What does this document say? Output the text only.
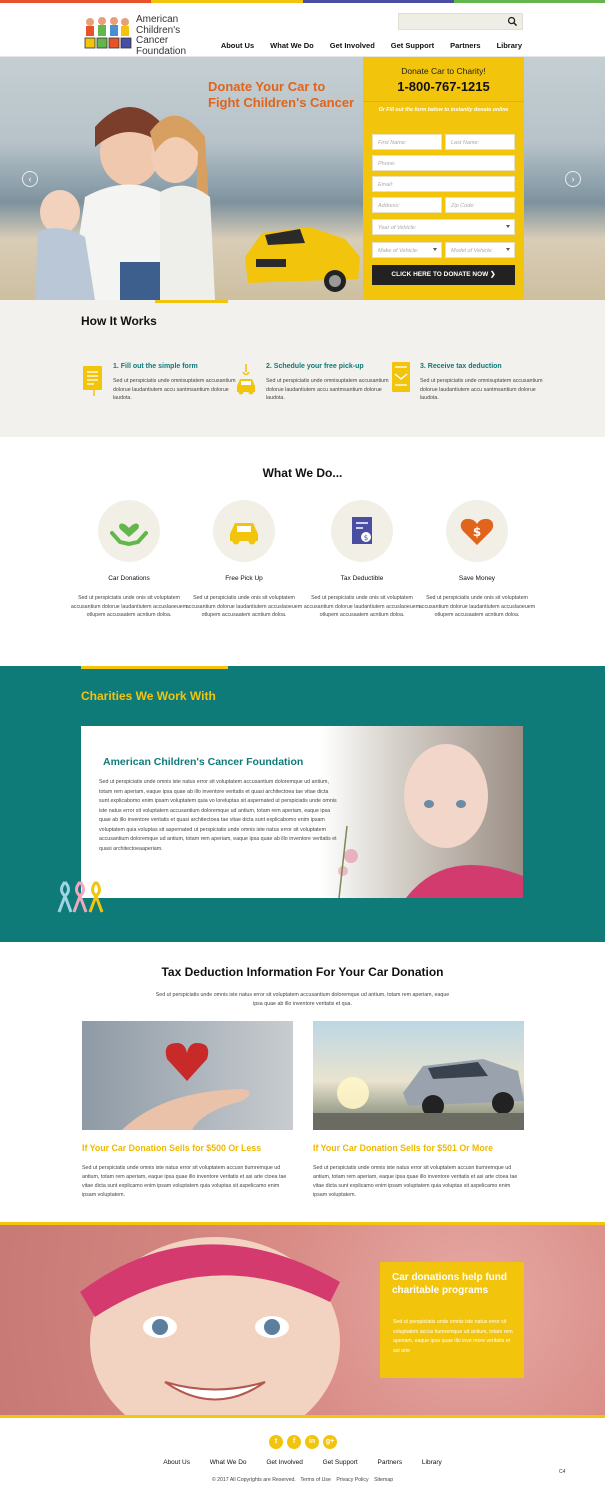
American
Children's
Cancer
Foundation	About Us What We Do Get Involved Get Support Partners Library
Donate Your Car to
Fight Children's Cancer
‹	›
Donate Car to Charity!
1-800-767-1215
Or Fill out the form below to instantly donate online
First Name:	Last Name:
Phone:
Email:
Address:	Zip Code:
Year of Vehicle:
Make of Vehicle:	Model of Vehicle:
CLICK HERE TO DONATE NOW ❯
How It Works
1. Fill out the simple form
Sed ut perspiciatis unde omnisuptatem accusantium dolorue laudantiutem accu santmsantium dolorue laudota.
2. Schedule your free pick-up
Sed ut perspiciatis unde omnisuptatem accusantium dolorue laudantiutem accu santmsantium dolorue laudota.
3. Receive tax deduction
Sed ut perspiciatis unde omnisuptatem accusantium dolorue laudantiutem accu santmsantium dolorue laudota.
What We Do...
Car Donations
Sed ut perspiciatis unde onis sit voluptatem accusantium dolorue laudantiutem accuslaoeuem otlupem accusaatem acntium doloa.
Free Pick Up
Sed ut perspiciatis unde onis sit voluptatem accusantium dolorue laudantiutem accuslaoeuem otlupem accusaatem acntium doloa.
$
Tax Deductible
Sed ut perspiciatis unde onis sit voluptatem accusantium dolorue laudantiutem accuslaoeuem otlupem accusaatem acntium doloa.
$
Save Money
Sed ut perspiciatis unde onis sit voluptatem accusantium dolorue laudantiutem accuslaoeuem otlupem accusaatem acntium doloa.
Charities We Work With
American Children's Cancer Foundation
Sed ut perspiciatis unde omnis iste natus error sit voluptatem accusantium doloremque ud antium, totam rem aperiam, eaque ipsa quae ab illo inventore veritatis et quasi architectoea tae vitae dicta sunt explicabomo enim ipsam voluptatem quia vo loreluptas sit aspernated ut perspiciatis unde omnis iste natus error sit voluptatem accusantium doloremque ud antium, totam rem aperiam, eaque ipsa quae ab illo inventore veritatis et quasi architectoea tae vitae dicta sunt explicabomo enim ipsam voluptatem quia voluptas sit aspernated ut perspiciatis unde omnis iste natus error sit voluptatem accusantium doloremque ud antium, totam rem aperiam, eaque ipsa quae ab illo inventore veritatis et quasi architectoeaaperiam.
Tax Deduction Information For Your Car Donation
Sed ut perspiciatis unde omnis iste natus error sit voluptatem accusantium doloremque ud antium, totam rem aperiam, eaque ipsa quae ab illo inventore veritatis et qua.
If Your Car Donation Sells for $500 Or Less
Sed ut perspiciatis unde omnis iste natus error sit voluptatem accusn tiumremque ud antium, totam rem aperiam, eaque ipsa quae illo inventore veritatis et asi arte ctoea tae vitae dicta sunt explicamo enim ipsam voluptatem quia voluptas sit aspelicamo enim ipsam voluptatem.
If Your Car Donation Sells for $501 Or More
Sed ut perspiciatis unde omnis iste natus error sit voluptatem accusn tiumremque ud antium, totam rem aperiam, eaque ipsa quae illo inventore veritatis et asi arte ctoea tae vitae dicta sunt explicamo enim ipsam voluptatem quia voluptas sit aspelicamo enim ipsam voluptatem.
Car donations help fund charitable programs
Sed ut perspiciatis unde omnis iste natus error sit voluptatem accus tiumremque ud antium, totam rem aperiam, eaque ipsa quae illo inve more veritatis et asi arte
t	f	in	g+
About Us	What We Do	Get Involved	Get Support	Partners	Library
© 2017 All Copyrights are Reserved. Terms of Use Privacy Policy Sitemap
C4
